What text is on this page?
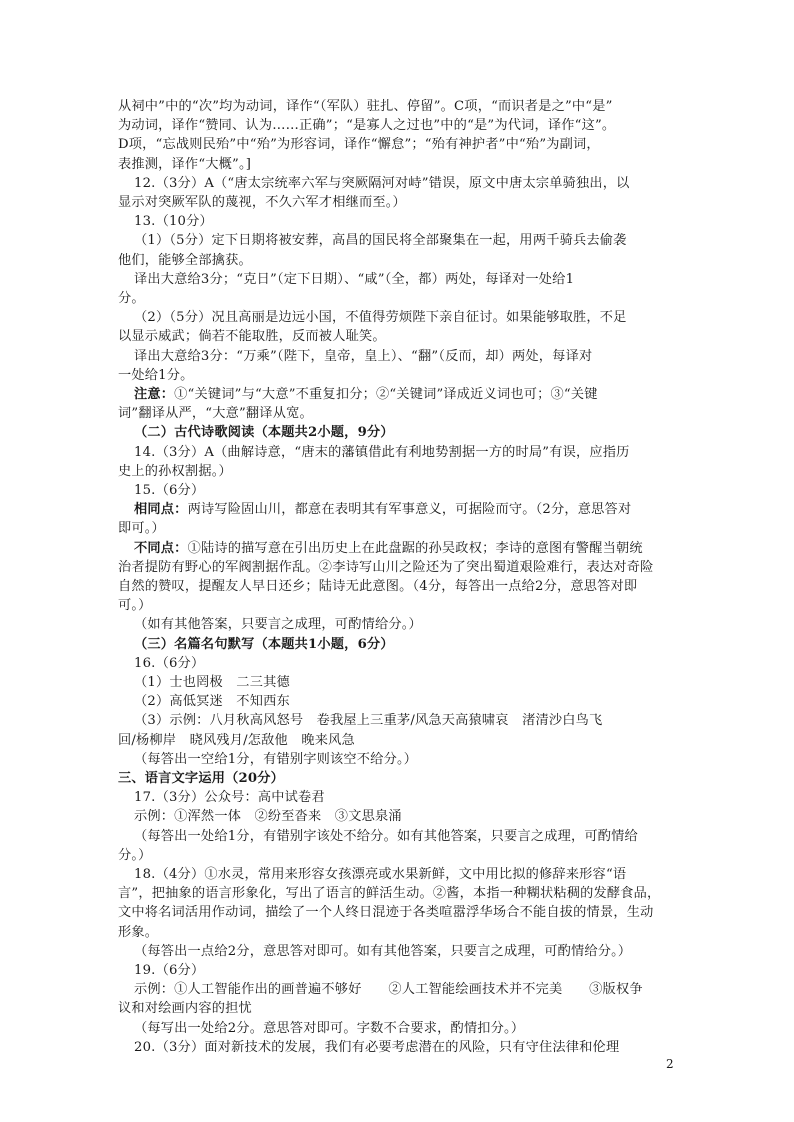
从祠中”中的“次”均为动词，译作“（军队）驻扎、停留”。C项，“而识者是之”中“是”
为动词，译作“赞同、认为……正确”；“是寡人之过也”中的“是”为代词，译作“这”。
D项，“忘战则民殆”中“殆”为形容词，译作“懈怠”；“殆有神护者”中“殆”为副词，
表推测，译作“大概”。]
12.（3分）A（“唐太宗统率六军与突厥隔河对峙”错误，原文中唐太宗单骑独出，以
显示对突厥军队的蔑视，不久六军才相继而至。）
13.（10分）
（1）（5分）定下日期将被安葬，高昌的国民将全部聚集在一起，用两千骑兵去偷袭
他们，能够全部擒获。
译出大意给3分；“克日”（定下日期）、“咸”（全，都）两处，每译对一处给1
分。
（2）（5分）况且高丽是边远小国，不值得劳烦陛下亲自征讨。如果能够取胜，不足
以显示威武；倘若不能取胜，反而被人耻笑。
译出大意给3分：“万乘”（陛下，皇帝，皇上）、“翻”（反而，却）两处，每译对
一处给1分。
注意：①“关键词”与“大意”不重复扣分；②“关键词”译成近义词也可；③“关键
词”翻译从严，“大意”翻译从宽。
（二）古代诗歌阅读（本题共2小题，9分）
14.（3分）A（曲解诗意，“唐末的藩镇借此有利地势割据一方的时局”有误，应指历
史上的孙权割据。）
15.（6分）
相同点：两诗写险固山川，都意在表明其有军事意义，可据险而守。（2分，意思答对
即可。）
不同点：①陆诗的描写意在引出历史上在此盘踞的孙吴政权；李诗的意图有警醒当朝统
治者提防有野心的军阀割据作乱。②李诗写山川之险还为了突出蜀道艰险难行，表达对奇险
自然的赞叹，提醒友人早日还乡；陆诗无此意图。（4分，每答出一点给2分，意思答对即
可。）
（如有其他答案，只要言之成理，可酌情给分。）
（三）名篇名句默写（本题共1小题，6分）
16.（6分）
（1）士也罔极　二三其德
（2）高低冥迷　不知西东
（3）示例：八月秋高风怒号　卷我屋上三重茅/风急天高猿啸哀　渚清沙白鸟飞
回/杨柳岸　晓风残月/怎敌他　晚来风急
（每答出一空给1分，有错别字则该空不给分。）
三、语言文字运用（20分）
17.（3分）公众号：高中试卷君
示例：①浑然一体　②纷至沓来　③文思泉涌
（每答出一处给1分，有错别字该处不给分。如有其他答案，只要言之成理，可酌情给
分。）
18.（4分）①水灵，常用来形容女孩漂亮或水果新鲜，文中用比拟的修辞来形容“语
言”，把抽象的语言形象化，写出了语言的鲜活生动。②酱，本指一种糊状粘稠的发酵食品，
文中将名词活用作动词，描绘了一个人终日混迹于各类喧嚣浮华场合不能自拔的情景，生动
形象。
（每答出一点给2分，意思答对即可。如有其他答案，只要言之成理，可酌情给分。）
19.（6分）
示例：①人工智能作出的画普遍不够好　　②人工智能绘画技术并不完美　　③版权争
议和对绘画内容的担忧
（每写出一处给2分。意思答对即可。字数不合要求，酌情扣分。）
20.（3分）面对新技术的发展，我们有必要考虑潜在的风险，只有守住法律和伦理
2
